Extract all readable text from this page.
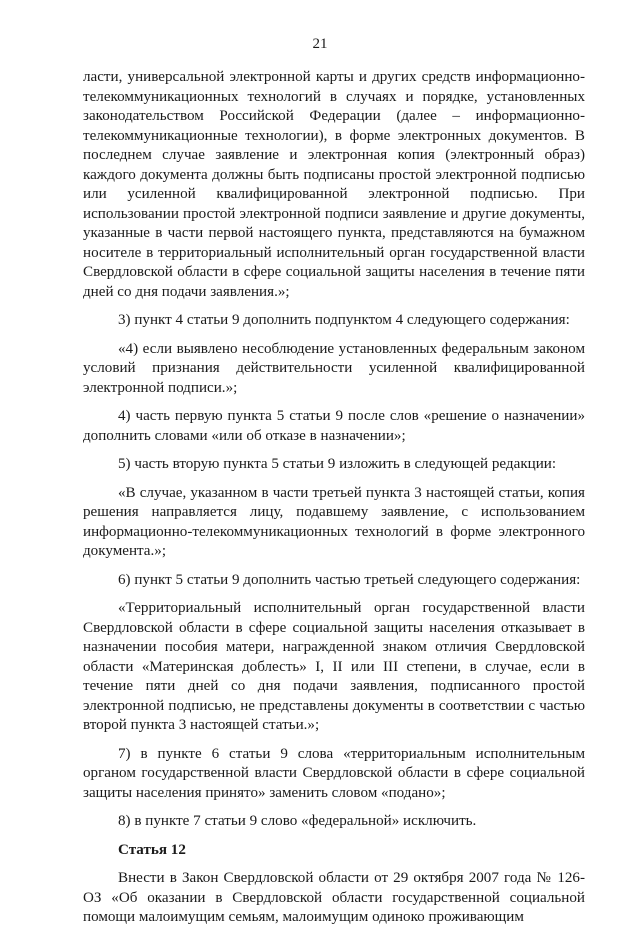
21

ласти, универсальной электронной карты и других средств информационно-телекоммуникационных технологий в случаях и порядке, установленных законодательством Российской Федерации (далее – информационно-телекоммуникационные технологии), в форме электронных документов. В последнем случае заявление и электронная копия (электронный образ) каждого документа должны быть подписаны простой электронной подписью или усиленной квалифицированной электронной подписью. При использовании простой электронной подписи заявление и другие документы, указанные в части первой настоящего пункта, представляются на бумажном носителе в территориальный исполнительный орган государственной власти Свердловской области в сфере социальной защиты населения в течение пяти дней со дня подачи заявления.»;

3) пункт 4 статьи 9 дополнить подпунктом 4 следующего содержания:

«4) если выявлено несоблюдение установленных федеральным законом условий признания действительности усиленной квалифицированной электронной подписи.»;

4) часть первую пункта 5 статьи 9 после слов «решение о назначении» дополнить словами «или об отказе в назначении»;

5) часть вторую пункта 5 статьи 9 изложить в следующей редакции:

«В случае, указанном в части третьей пункта 3 настоящей статьи, копия решения направляется лицу, подавшему заявление, с использованием информационно-телекоммуникационных технологий в форме электронного документа.»;

6) пункт 5 статьи 9 дополнить частью третьей следующего содержания:

«Территориальный исполнительный орган государственной власти Свердловской области в сфере социальной защиты населения отказывает в назначении пособия матери, награжденной знаком отличия Свердловской области «Материнская доблесть» I, II или III степени, в случае, если в течение пяти дней со дня подачи заявления, подписанного простой электронной подписью, не представлены документы в соответствии с частью второй пункта 3 настоящей статьи.»;

7) в пункте 6 статьи 9 слова «территориальным исполнительным органом государственной власти Свердловской области в сфере социальной защиты населения принято» заменить словом «подано»;

8) в пункте 7 статьи 9 слово «федеральной» исключить.

Статья 12

Внести в Закон Свердловской области от 29 октября 2007 года № 126-ОЗ «Об оказании в Свердловской области государственной социальной помощи малоимущим семьям, малоимущим одиноко проживающим
